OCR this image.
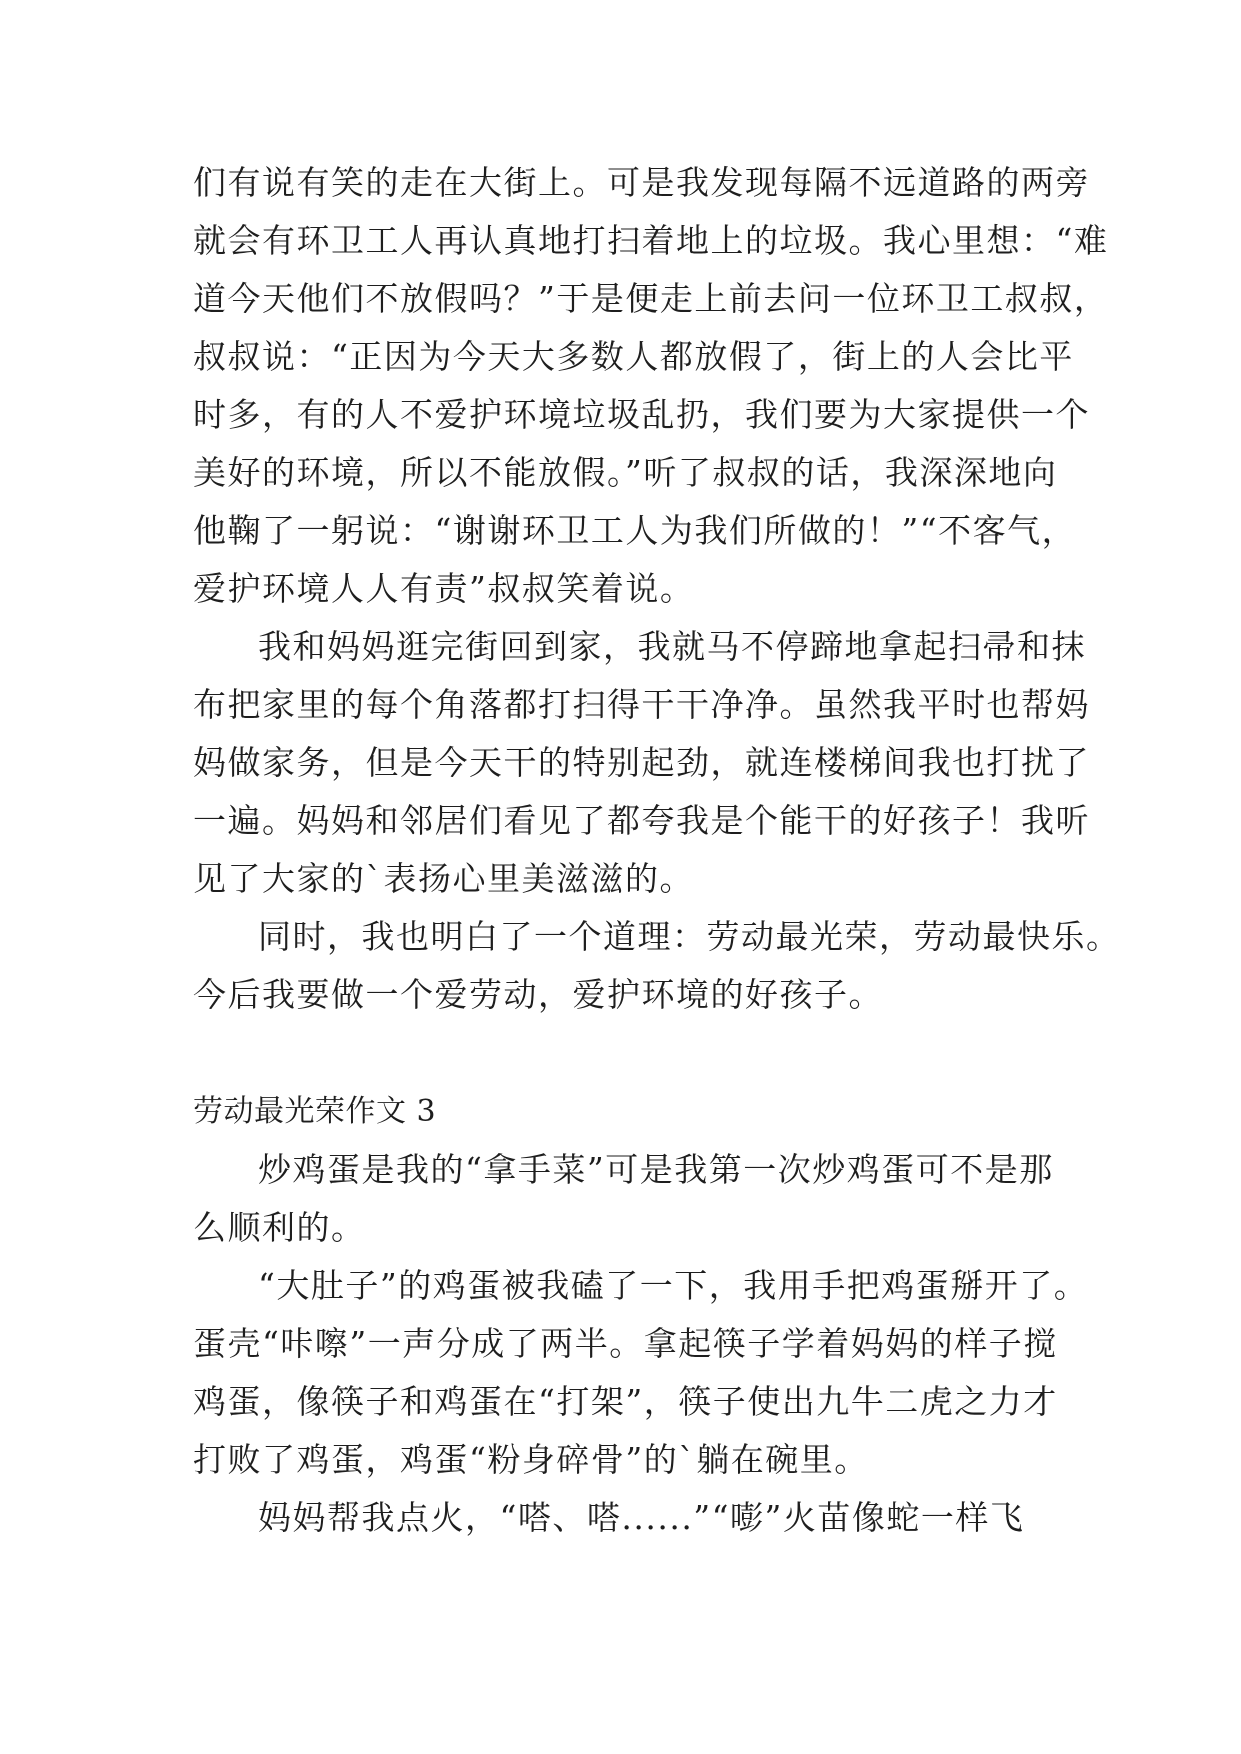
们有说有笑的走在大街上。可是我发现每隔不远道路的两旁
就会有环卫工人再认真地打扫着地上的垃圾。我心里想：“难
道今天他们不放假吗？”于是便走上前去问一位环卫工叔叔，
叔叔说：“正因为今天大多数人都放假了，街上的人会比平
时多，有的人不爱护环境垃圾乱扔，我们要为大家提供一个
美好的环境，所以不能放假。”听了叔叔的话，我深深地向
他鞠了一躬说：“谢谢环卫工人为我们所做的！”“不客气，
爱护环境人人有责”叔叔笑着说。
我和妈妈逛完街回到家，我就马不停蹄地拿起扫帚和抹
布把家里的每个角落都打扫得干干净净。虽然我平时也帮妈
妈做家务，但是今天干的特别起劲，就连楼梯间我也打扰了
一遍。妈妈和邻居们看见了都夸我是个能干的好孩子！我听
见了大家的`表扬心里美滋滋的。
同时，我也明白了一个道理：劳动最光荣，劳动最快乐。
今后我要做一个爱劳动，爱护环境的好孩子。
劳动最光荣作文 3
炒鸡蛋是我的“拿手菜”可是我第一次炒鸡蛋可不是那
么顺利的。
“大肚子”的鸡蛋被我磕了一下，我用手把鸡蛋掰开了。
蛋壳“咔嚓”一声分成了两半。拿起筷子学着妈妈的样子搅
鸡蛋，像筷子和鸡蛋在“打架”，筷子使出九牛二虎之力才
打败了鸡蛋，鸡蛋“粉身碎骨”的`躺在碗里。
妈妈帮我点火，“嗒、嗒......”“嘭”火苗像蛇一样飞
